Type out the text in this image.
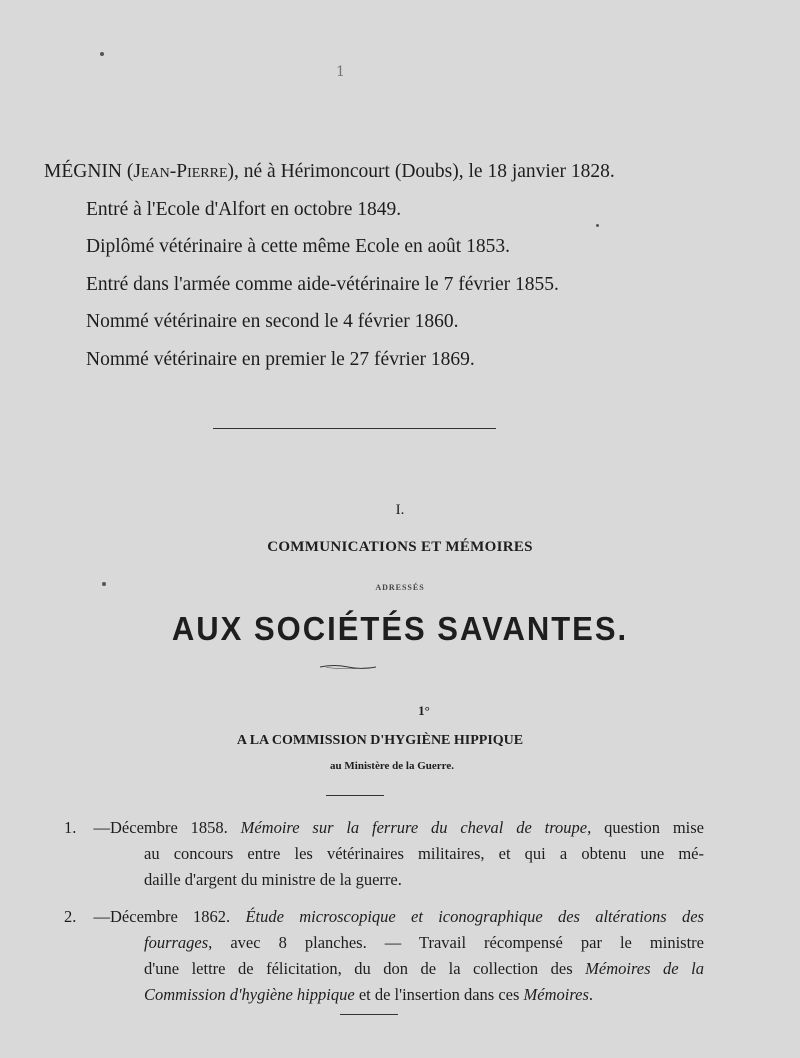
1
MÉGNIN (Jean-Pierre), né à Hérimoncourt (Doubs), le 18 janvier 1828.
Entré à l'Ecole d'Alfort en octobre 1849.
Diplômé vétérinaire à cette même Ecole en août 1853.
Entré dans l'armée comme aide-vétérinaire le 7 février 1855.
Nommé vétérinaire en second le 4 février 1860.
Nommé vétérinaire en premier le 27 février 1869.
I.
COMMUNICATIONS ET MÉMOIRES
ADRESSÉS
AUX SOCIÉTÉS SAVANTES.
1°
A LA COMMISSION D'HYGIÈNE HIPPIQUE
au Ministère de la Guerre.
1. —Décembre 1858. Mémoire sur la ferrure du cheval de troupe, question mise
au concours entre les vétérinaires militaires, et qui a obtenu une mé-
daille d'argent du ministre de la guerre.
2. —Décembre 1862. Étude microscopique et iconographique des altérations des
fourrages, avec 8 planches. — Travail récompensé par le ministre
d'une lettre de félicitation, du don de la collection des Mémoires de la
Commission d'hygiène hippique et de l'insertion dans ces Mémoires.
